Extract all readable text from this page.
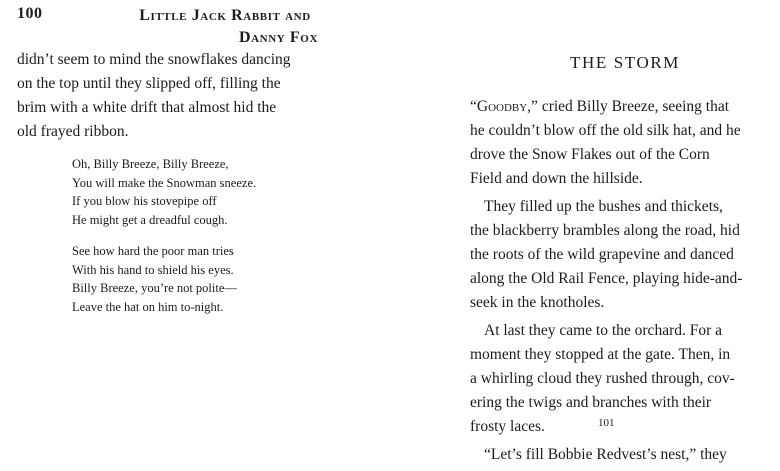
100	Little Jack Rabbit and
Danny Fox
didn’t seem to mind the snowflakes dancing
on the top until they slipped off, filling the
brim with a white drift that almost hid the
old frayed ribbon.
Oh, Billy Breeze, Billy Breeze,
You will make the Snowman sneeze.
If you blow his stovepipe off
He might get a dreadful cough.
See how hard the poor man tries
With his hand to shield his eyes.
Billy Breeze, you’re not polite—
Leave the hat on him to-night.
THE STORM
“Goodby,” cried Billy Breeze, seeing that
he couldn’t blow off the old silk hat, and he
drove the Snow Flakes out of the Corn
Field and down the hillside.
They filled up the bushes and thickets,
the blackberry brambles along the road, hid
the roots of the wild grapevine and danced
along the Old Rail Fence, playing hide-and-
seek in the knotholes.
At last they came to the orchard. For a
moment they stopped at the gate. Then, in
a whirling cloud they rushed through, cov-
ering the twigs and branches with their
frosty laces.
“Let’s fill Bobbie Redvest’s nest,” they
101
